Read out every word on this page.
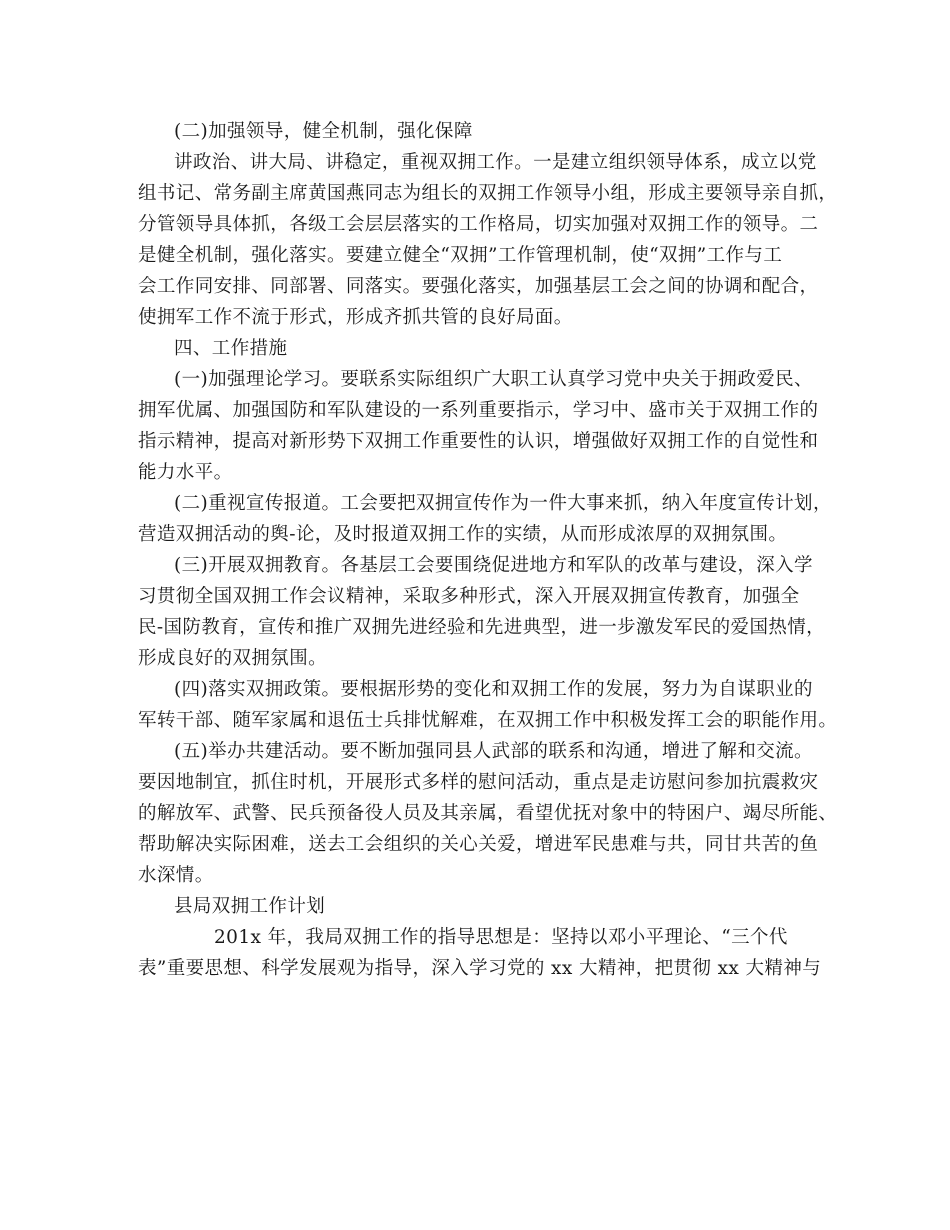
(二)加强领导，健全机制，强化保障
讲政治、讲大局、讲稳定，重视双拥工作。一是建立组织领导体系，成立以党
组书记、常务副主席黄国燕同志为组长的双拥工作领导小组，形成主要领导亲自抓，
分管领导具体抓，各级工会层层落实的工作格局，切实加强对双拥工作的领导。二
是健全机制，强化落实。要建立健全“双拥”工作管理机制，使“双拥”工作与工
会工作同安排、同部署、同落实。要强化落实，加强基层工会之间的协调和配合，
使拥军工作不流于形式，形成齐抓共管的良好局面。
四、工作措施
(一)加强理论学习。要联系实际组织广大职工认真学习党中央关于拥政爱民、
拥军优属、加强国防和军队建设的一系列重要指示，学习中、盛市关于双拥工作的
指示精神，提高对新形势下双拥工作重要性的认识，增强做好双拥工作的自觉性和
能力水平。
(二)重视宣传报道。工会要把双拥宣传作为一件大事来抓，纳入年度宣传计划，
营造双拥活动的舆-论，及时报道双拥工作的实绩，从而形成浓厚的双拥氛围。
(三)开展双拥教育。各基层工会要围绕促进地方和军队的改革与建设，深入学
习贯彻全国双拥工作会议精神，采取多种形式，深入开展双拥宣传教育，加强全
民-国防教育，宣传和推广双拥先进经验和先进典型，进一步激发军民的爱国热情，
形成良好的双拥氛围。
(四)落实双拥政策。要根据形势的变化和双拥工作的发展，努力为自谋职业的
军转干部、随军家属和退伍士兵排忧解难，在双拥工作中积极发挥工会的职能作用。
(五)举办共建活动。要不断加强同县人武部的联系和沟通，增进了解和交流。
要因地制宜，抓住时机，开展形式多样的慰问活动，重点是走访慰问参加抗震救灾
的解放军、武警、民兵预备役人员及其亲属，看望优抚对象中的特困户、竭尽所能、
帮助解决实际困难，送去工会组织的关心关爱，增进军民患难与共，同甘共苦的鱼
水深情。
县局双拥工作计划
201x 年，我局双拥工作的指导思想是：坚持以邓小平理论、“三个代
表”重要思想、科学发展观为指导，深入学习党的 xx 大精神，把贯彻 xx 大精神与
